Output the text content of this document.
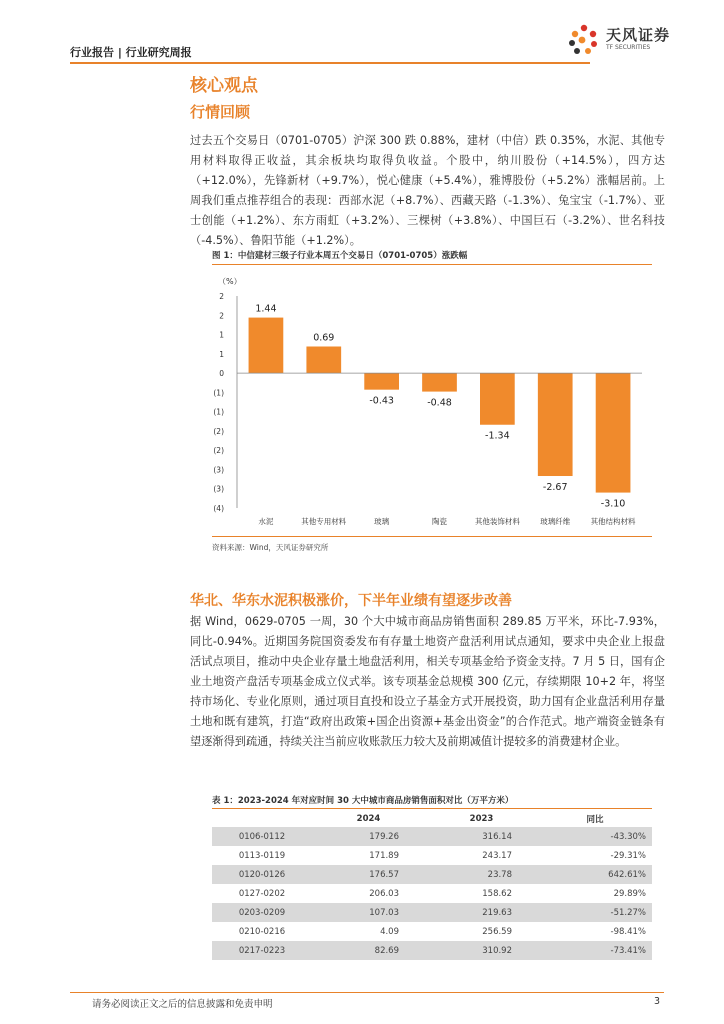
行业报告 | 行业研究周报
天风证券
TF SECURITIES
核心观点
行情回顾

过去五个交易日（0701-0705）沪深 300 跌 0.88%，建材（中信）跌 0.35%，水泥、其他专用材料取得正收益，其余板块均取得负收益。个股中，纳川股份（+14.5%），四方达（+12.0%），先锋新材（+9.7%），悦心健康（+5.4%），雅博股份（+5.2%）涨幅居前。上周我们重点推荐组合的表现：西部水泥（+8.7%）、西藏天路（-1.3%）、兔宝宝（-1.7%）、亚士创能（+1.2%）、东方雨虹（+3.2%）、三棵树（+3.8%）、中国巨石（-3.2%）、世名科技（-4.5%）、鲁阳节能（+1.2%）。

图 1：中信建材三级子行业本周五个交易日（0701-0705）涨跌幅
（%）
2
2
1
1
0
(1)
(1)
(2)
(2)
(3)
(3)
(4)
1.44
水泥
0.69
其他专用材料
-0.43
玻璃
-0.48
陶瓷
-1.34
其他装饰材料
-2.67
玻璃纤维
-3.10
其他结构材料
资料来源：Wind，天风证券研究所
华北、华东水泥积极涨价，下半年业绩有望逐步改善

据 Wind，0629-0705 一周，30 个大中城市商品房销售面积 289.85 万平米，环比-7.93%，同比-0.94%。近期国务院国资委发布有存量土地资产盘活利用试点通知，要求中央企业上报盘活试点项目，推动中央企业存量土地盘活利用，相关专项基金给予资金支持。7 月 5 日，国有企业土地资产盘活专项基金成立仪式举。该专项基金总规模 300 亿元，存续期限 10+2 年，将坚持市场化、专业化原则，通过项目直投和设立子基金方式开展投资，助力国有企业盘活利用存量土地和既有建筑，打造“政府出政策+国企出资源+基金出资金”的合作范式。地产端资金链条有望逐渐得到疏通，持续关注当前应收账款压力较大及前期减值计提较多的消费建材企业。

表 1：2023-2024 年对应时间 30 大中城市商品房销售面积对比（万平方米）
	2024	2023	同比
0106-0112	179.26	316.14	-43.30%
0113-0119	171.89	243.17	-29.31%
0120-0126	176.57	23.78	642.61%
0127-0202	206.03	158.62	29.89%
0203-0209	107.03	219.63	-51.27%
0210-0216	4.09	256.59	-98.41%
0217-0223	82.69	310.92	-73.41%
请务必阅读正文之后的信息披露和免责申明	3
